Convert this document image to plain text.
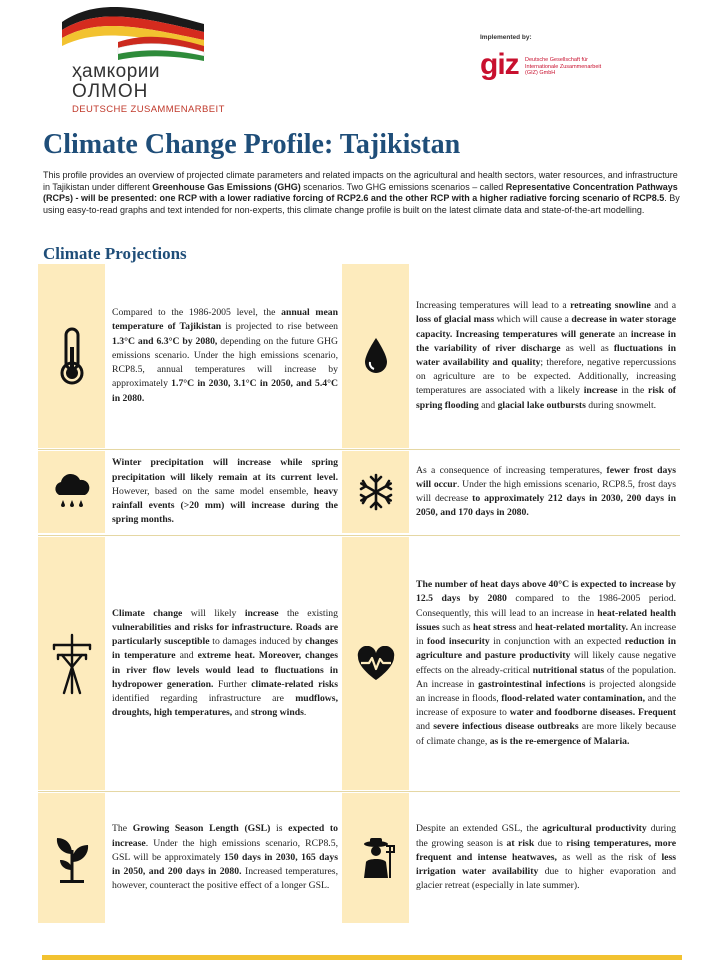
ҳамкории
ОЛМОН
DEUTSCHE ZUSAMMENARBEIT
Implemented by:
giz Deutsche Gesellschaft für Internationale Zusammenarbeit (GIZ) GmbH
Climate Change Profile: Tajikistan

This profile provides an overview of projected climate parameters and related impacts on the agricultural and health sectors, water resources, and infrastructure in Tajikistan under different Greenhouse Gas Emissions (GHG) scenarios. Two GHG emissions scenarios – called Representative Concentration Pathways (RCPs) - will be presented: one RCP with a lower radiative forcing of RCP2.6 and the other RCP with a higher radiative forcing scenario of RCP8.5. By using easy-to-read graphs and text intended for non-experts, this climate change profile is built on the latest climate data and state-of-the-art modelling.

Climate Projections

Compared to the 1986-2005 level, the annual mean temperature of Tajikistan is projected to rise between 1.3°C and 6.3°C by 2080, depending on the future GHG emissions scenario. Under the high emissions scenario, RCP8.5, annual temperatures will increase by approximately 1.7°C in 2030, 3.1°C in 2050, and 5.4°C in 2080.

Increasing temperatures will lead to a retreating snowline and a loss of glacial mass which will cause a decrease in water storage capacity. Increasing temperatures will generate an increase in the variability of river discharge as well as fluctuations in water availability and quality; therefore, negative repercussions on agriculture are to be expected. Additionally, increasing temperatures are associated with a likely increase in the risk of spring flooding and glacial lake outbursts during snowmelt.

Winter precipitation will increase while spring precipitation will likely remain at its current level. However, based on the same model ensemble, heavy rainfall events (>20 mm) will increase during the spring months.

As a consequence of increasing temperatures, fewer frost days will occur. Under the high emissions scenario, RCP8.5, frost days will decrease to approximately 212 days in 2030, 200 days in 2050, and 170 days in 2080.

Climate change will likely increase the existing vulnerabilities and risks for infrastructure. Roads are particularly susceptible to damages induced by changes in temperature and extreme heat. Moreover, changes in river flow levels would lead to fluctuations in hydropower generation. Further climate-related risks identified regarding infrastructure are mudflows, droughts, high temperatures, and strong winds.

The number of heat days above 40°C is expected to increase by 12.5 days by 2080 compared to the 1986-2005 period. Consequently, this will lead to an increase in heat-related health issues such as heat stress and heat-related mortality. An increase in food insecurity in conjunction with an expected reduction in agriculture and pasture productivity will likely cause negative effects on the already-critical nutritional status of the population. An increase in gastrointestinal infections is projected alongside an increase in floods, flood-related water contamination, and the increase of exposure to water and foodborne diseases. Frequent and severe infectious disease outbreaks are more likely because of climate change, as is the re-emergence of Malaria.

The Growing Season Length (GSL) is expected to increase. Under the high emissions scenario, RCP8.5, GSL will be approximately 150 days in 2030, 165 days in 2050, and 200 days in 2080. Increased temperatures, however, counteract the positive effect of a longer GSL.

Despite an extended GSL, the agricultural productivity during the growing season is at risk due to rising temperatures, more frequent and intense heatwaves, as well as the risk of less irrigation water availability due to higher evaporation and glacier retreat (especially in late summer).
